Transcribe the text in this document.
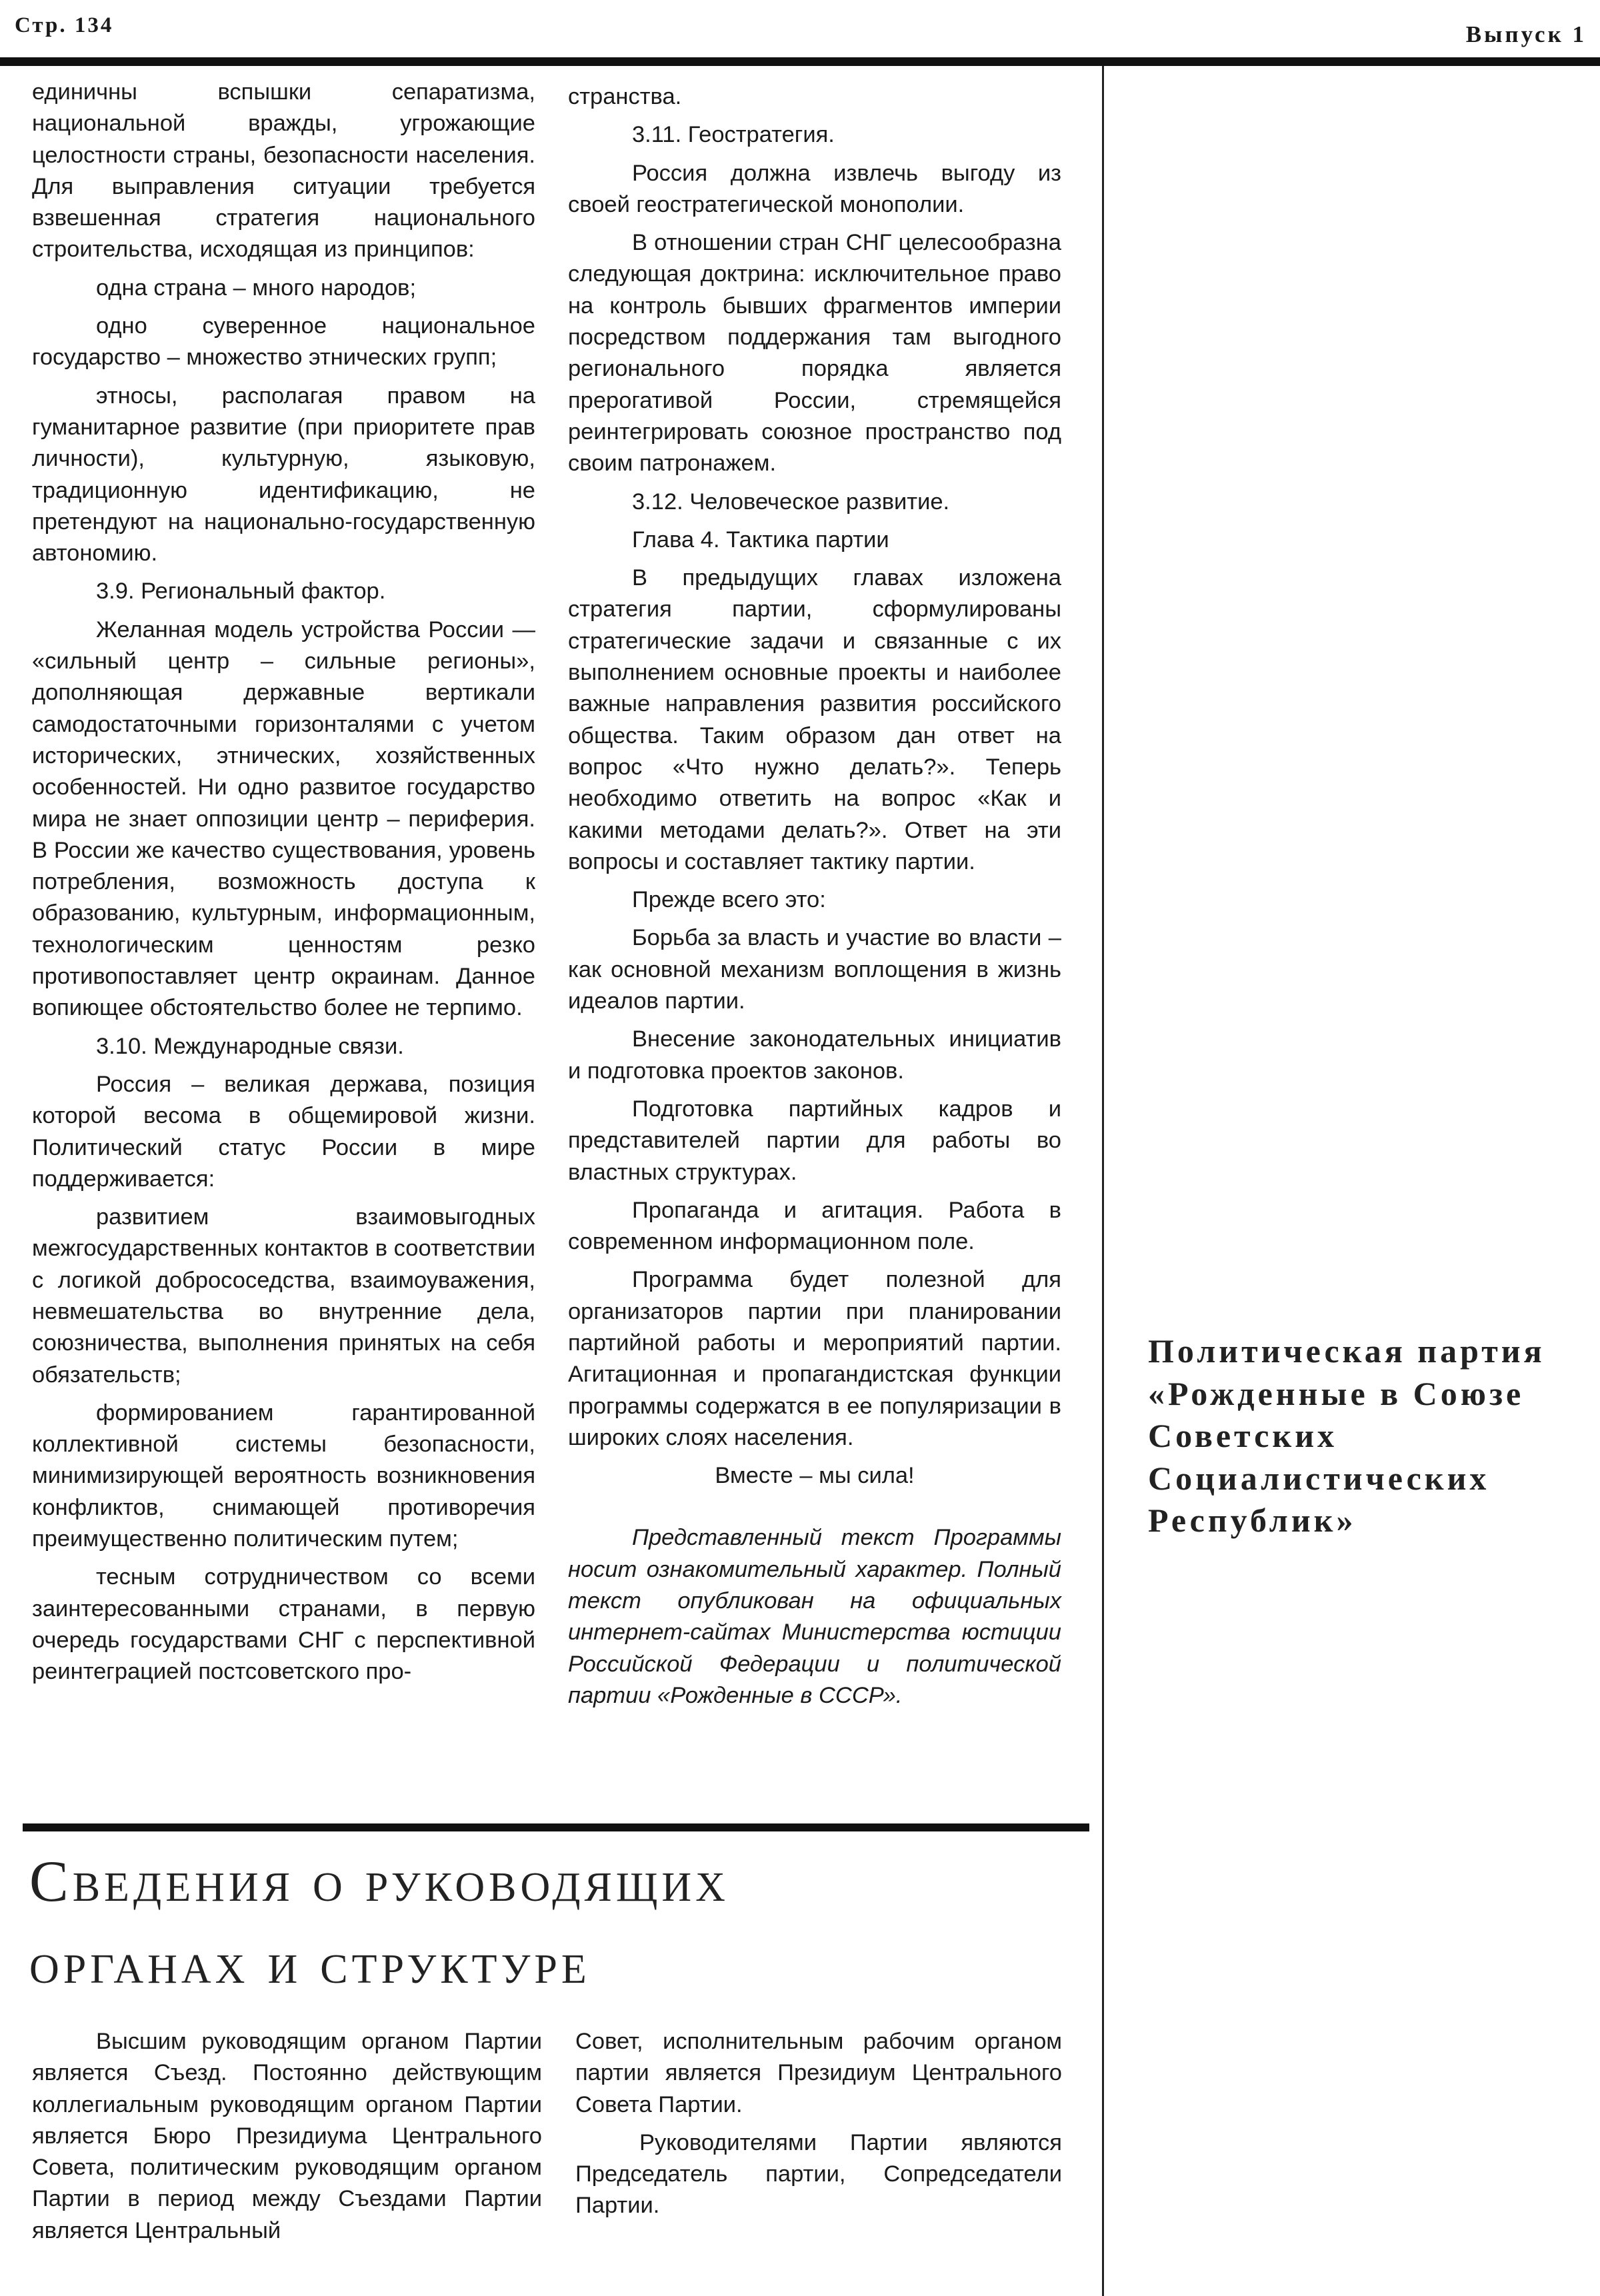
Стр. 134	Выпуск 1

единичны вспышки сепаратизма, национальной вражды, угрожающие целостности страны, безопасности населения. Для выправления ситуации требуется взвешенная стратегия национального строительства, исходящая из принципов:

одна страна – много народов;

одно суверенное национальное государство – множество этнических групп;

этносы, располагая правом на гуманитарное развитие (при приоритете прав личности), культурную, языковую, традиционную идентификацию, не претендуют на национально-государственную автономию.

3.9. Региональный фактор.

Желанная модель устройства России — «сильный центр – сильные регионы», дополняющая державные вертикали самодостаточными горизонталями с учетом исторических, этнических, хозяйственных особенностей. Ни одно развитое государство мира не знает оппозиции центр – периферия. В России же качество существования, уровень потребления, возможность доступа к образованию, культурным, информационным, технологическим ценностям резко противопоставляет центр окраинам. Данное вопиющее обстоятельство более не терпимо.

3.10. Международные связи.

Россия – великая держава, позиция которой весома в общемировой жизни. Политический статус России в мире поддерживается:

развитием взаимовыгодных межгосударственных контактов в соответствии с логикой добрососедства, взаимоуважения, невмешательства во внутренние дела, союзничества, выполнения принятых на себя обязательств;

формированием гарантированной коллективной системы безопасности, минимизирующей вероятность возникновения конфликтов, снимающей противоречия преимущественно политическим путем;

тесным сотрудничеством со всеми заинтересованными странами, в первую очередь государствами СНГ с перспективной реинтеграцией постсоветского про-

странства.

3.11. Геостратегия.

Россия должна извлечь выгоду из своей геостратегической монополии.

В отношении стран СНГ целесообразна следующая доктрина: исключительное право на контроль бывших фрагментов империи посредством поддержания там выгодного регионального порядка является прерогативой России, стремящейся реинтегрировать союзное пространство под своим патронажем.

3.12. Человеческое развитие.

Глава 4. Тактика партии

В предыдущих главах изложена стратегия партии, сформулированы стратегические задачи и связанные с их выполнением основные проекты и наиболее важные направления развития российского общества. Таким образом дан ответ на вопрос «Что нужно делать?». Теперь необходимо ответить на вопрос «Как и какими методами делать?». Ответ на эти вопросы и составляет тактику партии.

Прежде всего это:

Борьба за власть и участие во власти – как основной механизм воплощения в жизнь идеалов партии.

Внесение законодательных инициатив и подготовка проектов законов.

Подготовка партийных кадров и представителей партии для работы во властных структурах.

Пропаганда и агитация. Работа в современном информационном поле.

Программа будет полезной для организаторов партии при планировании партийной работы и мероприятий партии. Агитационная и пропагандистская функции программы содержатся в ее популяризации в широких слоях населения.

Вместе – мы сила!

Представленный текст Программы носит ознакомительный характер. Полный текст опубликован на официальных интернет-сайтах Министерства юстиции Российской Федерации и политической партии «Рожденные в СССР».

Сведения о руководящих
органах и структуре

Высшим руководящим органом Партии является Съезд. Постоянно действующим коллегиальным руководящим органом Партии является Бюро Президиума Центрального Совета, политическим руководящим органом Партии в период между Съездами Партии является Центральный

Совет, исполнительным рабочим органом партии является Президиум Центрального Совета Партии.

Руководителями Партии являются Председатель партии, Сопредседатели Партии.

Политическая партия «Рожденные в Союзе Советских Социалистических Республик»
